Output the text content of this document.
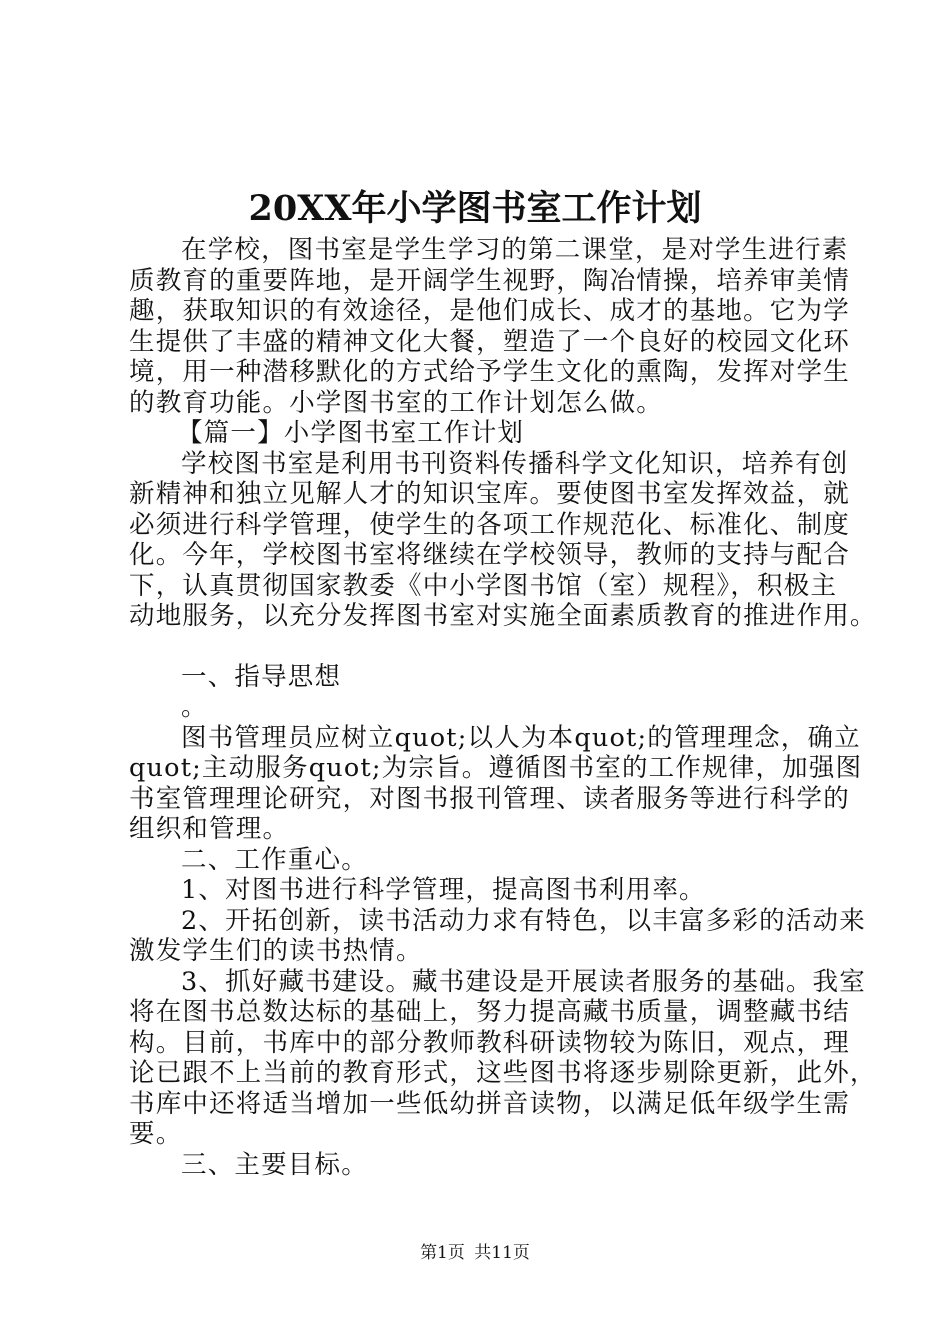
20XX年小学图书室工作计划
在学校，图书室是学生学习的第二课堂，是对学生进行素
质教育的重要阵地，是开阔学生视野，陶冶情操，培养审美情
趣，获取知识的有效途径，是他们成长、成才的基地。它为学
生提供了丰盛的精神文化大餐，塑造了一个良好的校园文化环
境，用一种潜移默化的方式给予学生文化的熏陶，发挥对学生
的教育功能。小学图书室的工作计划怎么做。
【篇一】小学图书室工作计划
学校图书室是利用书刊资料传播科学文化知识，培养有创
新精神和独立见解人才的知识宝库。要使图书室发挥效益，就
必须进行科学管理，使学生的各项工作规范化、标准化、制度
化。今年，学校图书室将继续在学校领导，教师的支持与配合
下，认真贯彻国家教委《中小学图书馆（室）规程》，积极主
动地服务，以充分发挥图书室对实施全面素质教育的推进作用。
一、指导思想
。
图书管理员应树立quot;以人为本quot;的管理理念，确立
quot;主动服务quot;为宗旨。遵循图书室的工作规律，加强图
书室管理理论研究，对图书报刊管理、读者服务等进行科学的
组织和管理。
二、工作重心。
1、对图书进行科学管理，提高图书利用率。
2、开拓创新，读书活动力求有特色，以丰富多彩的活动来
激发学生们的读书热情。
3、抓好藏书建设。藏书建设是开展读者服务的基础。我室
将在图书总数达标的基础上，努力提高藏书质量，调整藏书结
构。目前，书库中的部分教师教科研读物较为陈旧，观点，理
论已跟不上当前的教育形式，这些图书将逐步剔除更新，此外，
书库中还将适当增加一些低幼拼音读物，以满足低年级学生需
要。
三、主要目标。
第1页 共11页
